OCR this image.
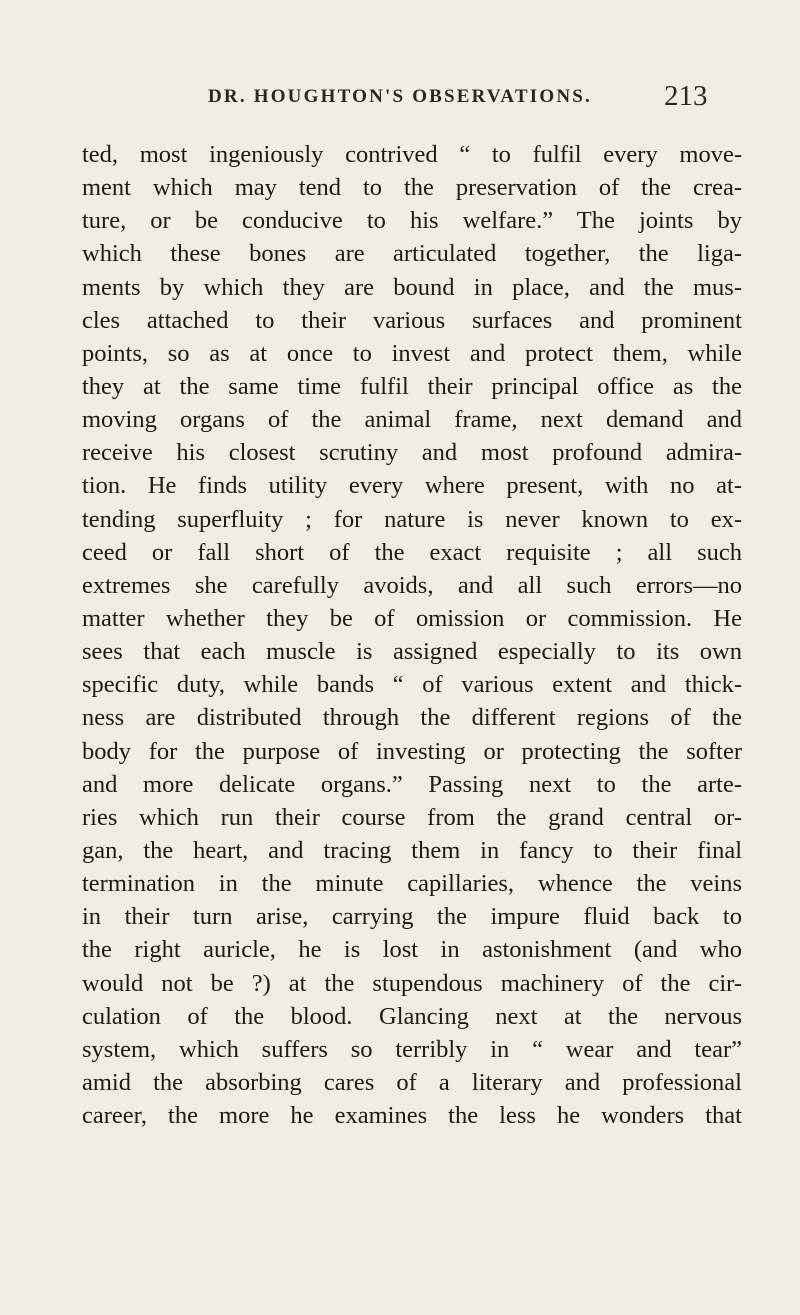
DR. HOUGHTON'S OBSERVATIONS. 213
ted, most ingeniously contrived “ to fulfil every move-
ment which may tend to the preservation of the crea-
ture, or be conducive to his welfare.” The joints by
which these bones are articulated together, the liga-
ments by which they are bound in place, and the mus-
cles attached to their various surfaces and prominent
points, so as at once to invest and protect them, while
they at the same time fulfil their principal office as the
moving organs of the animal frame, next demand and
receive his closest scrutiny and most profound admira-
tion. He finds utility every where present, with no at-
tending superfluity ; for nature is never known to ex-
ceed or fall short of the exact requisite ; all such
extremes she carefully avoids, and all such errors—no
matter whether they be of omission or commission. He
sees that each muscle is assigned especially to its own
specific duty, while bands “ of various extent and thick-
ness are distributed through the different regions of the
body for the purpose of investing or protecting the softer
and more delicate organs.” Passing next to the arte-
ries which run their course from the grand central or-
gan, the heart, and tracing them in fancy to their final
termination in the minute capillaries, whence the veins
in their turn arise, carrying the impure fluid back to
the right auricle, he is lost in astonishment (and who
would not be ?) at the stupendous machinery of the cir-
culation of the blood. Glancing next at the nervous
system, which suffers so terribly in “ wear and tear”
amid the absorbing cares of a literary and professional
career, the more he examines the less he wonders that
